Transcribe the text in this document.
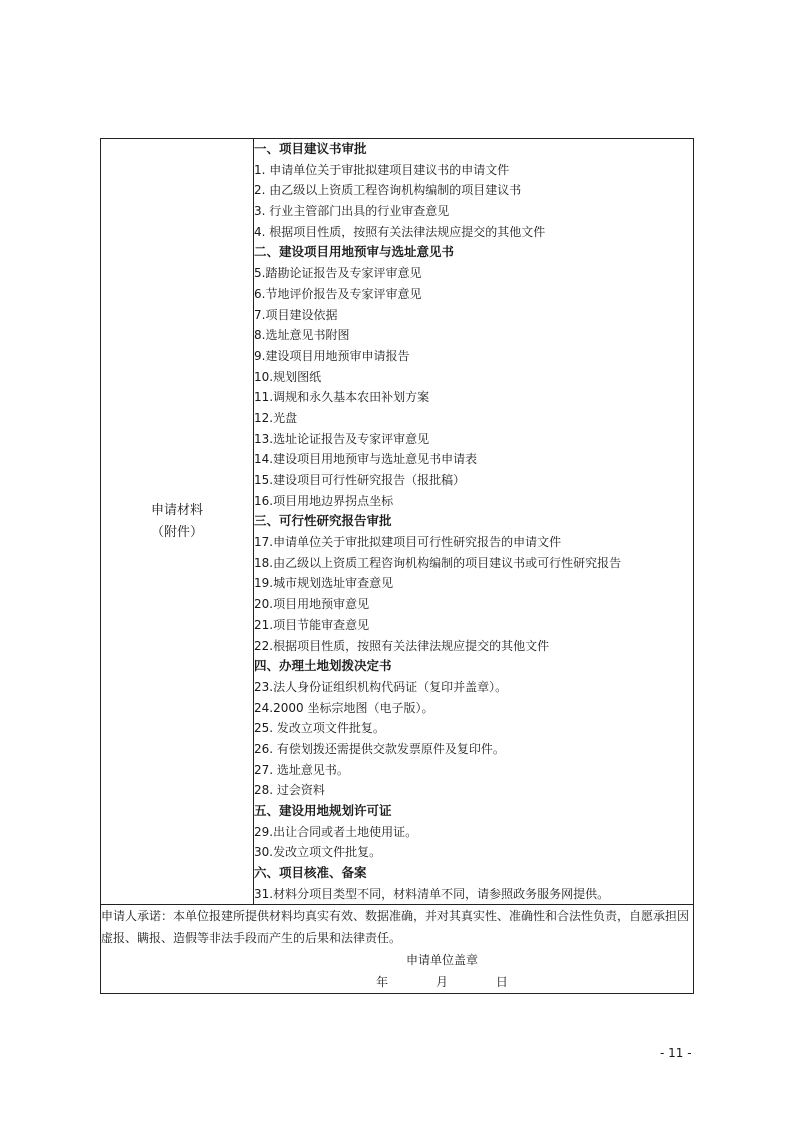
申请材料
（附件）

一、项目建议书审批
1. 申请单位关于审批拟建项目建议书的申请文件
2. 由乙级以上资质工程咨询机构编制的项目建议书
3. 行业主管部门出具的行业审查意见
4. 根据项目性质，按照有关法律法规应提交的其他文件
二、建设项目用地预审与选址意见书
5.踏勘论证报告及专家评审意见
6.节地评价报告及专家评审意见
7.项目建设依据
8.选址意见书附图
9.建设项目用地预审申请报告
10.规划图纸
11.调规和永久基本农田补划方案
12.光盘
13.选址论证报告及专家评审意见
14.建设项目用地预审与选址意见书申请表
15.建设项目可行性研究报告（报批稿）
16.项目用地边界拐点坐标
三、可行性研究报告审批
17.申请单位关于审批拟建项目可行性研究报告的申请文件
18.由乙级以上资质工程咨询机构编制的项目建议书或可行性研究报告
19.城市规划选址审查意见
20.项目用地预审意见
21.项目节能审查意见
22.根据项目性质，按照有关法律法规应提交的其他文件
四、办理土地划拨决定书
23.法人身份证组织机构代码证（复印并盖章）。
24.2000 坐标宗地图（电子版）。
25. 发改立项文件批复。
26. 有偿划拨还需提供交款发票原件及复印件。
27. 选址意见书。
28. 过会资料
五、建设用地规划许可证
29.出让合同或者土地使用证。
30.发改立项文件批复。
六、项目核准、备案
31.材料分项目类型不同，材料清单不同，请参照政务服务网提供。

申请人承诺：本单位报建所提供材料均真实有效、数据准确，并对其真实性、准确性和合法性负责，自愿承担因虚报、瞒报、造假等非法手段而产生的后果和法律责任。
申请单位盖章
年	月	日
- 11 -
